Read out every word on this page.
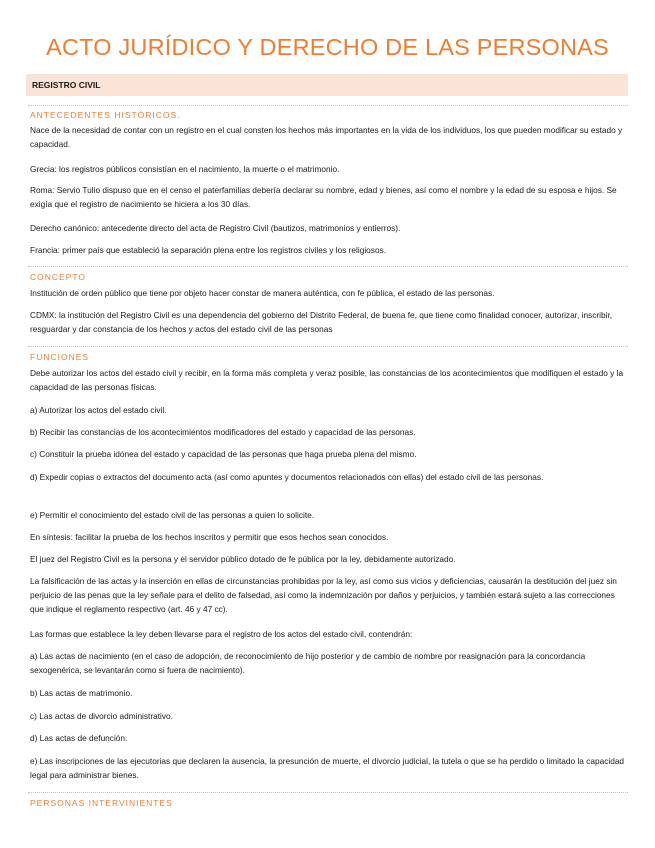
ACTO JURÍDICO Y DERECHO DE LAS PERSONAS
REGISTRO CIVIL
ANTECEDENTES HISTÓRICOS.
Nace de la necesidad de contar con un registro en el cual consten los hechos más importantes en la vida de los individuos, los que pueden modificar su estado y capacidad.
Grecia: los registros públicos consistían en el nacimiento, la muerte o el matrimonio.
Roma: Servio Tulio dispuso que en el censo el paterfamilias debería declarar su nombre, edad y bienes, así como el nombre y la edad de su esposa e hijos. Se exigía que el registro de nacimiento se hiciera a los 30 días.
Derecho canónico: antecedente directo del acta de Registro Civil (bautizos, matrimonios y entierros).
Francia: primer país que estableció la separación plena entre los registros civiles y los religiosos.
CONCEPTO
Institución de orden público que tiene por objeto hacer constar de manera auténtica, con fe pública, el estado de las personas.
CDMX: la institución del Registro Civil es una dependencia del gobierno del Distrito Federal, de buena fe, que tiene como finalidad conocer, autorizar, inscribir, resguardar y dar constancia de los hechos y actos del estado civil de las personas
FUNCIONES
Debe autorizar los actos del estado civil y recibir, en la forma más completa y veraz posible, las constancias de los acontecimientos que modifiquen el estado y la capacidad de las personas físicas.
a) Autorizar los actos del estado civil.
b) Recibir las constancias de los acontecimientos modificadores del estado y capacidad de las personas.
c) Constituir la prueba idónea del estado y capacidad de las personas que haga prueba plena del mismo.
d) Expedir copias o extractos del documento acta (así como apuntes y documentos relacionados con ellas) del estado civil de las personas.
e) Permitir el conocimiento del estado civil de las personas a quien lo solicite.
En síntesis: facilitar la prueba de los hechos inscritos y permitir que esos hechos sean conocidos.
El juez del Registro Civil es la persona y el servidor público dotado de fe pública por la ley, debidamente autorizado.
La falsificación de las actas y la inserción en ellas de circunstancias prohibidas por la ley, así como sus vicios y deficiencias, causarán la destitución del juez sin perjuicio de las penas que la ley señale para el delito de falsedad, así como la indemnización por daños y perjuicios, y también estará sujeto a las correcciones que indique el reglamento respectivo (art. 46 y 47 cc).
Las formas que establece la ley deben llevarse para el registro de los actos del estado civil, contendrán:
a) Las actas de nacimiento (en el caso de adopción, de reconocimiento de hijo posterior y de cambio de nombre por reasignación para la concordancia sexogenérica, se levantarán como si fuera de nacimiento).
b) Las actas de matrimonio.
c) Las actas de divorcio administrativo.
d) Las actas de defunción.
e) Las inscripciones de las ejecutorias que declaren la ausencia, la presunción de muerte, el divorcio judicial, la tutela o que se ha perdido o limitado la capacidad legal para administrar bienes.
PERSONAS INTERVINIENTES
